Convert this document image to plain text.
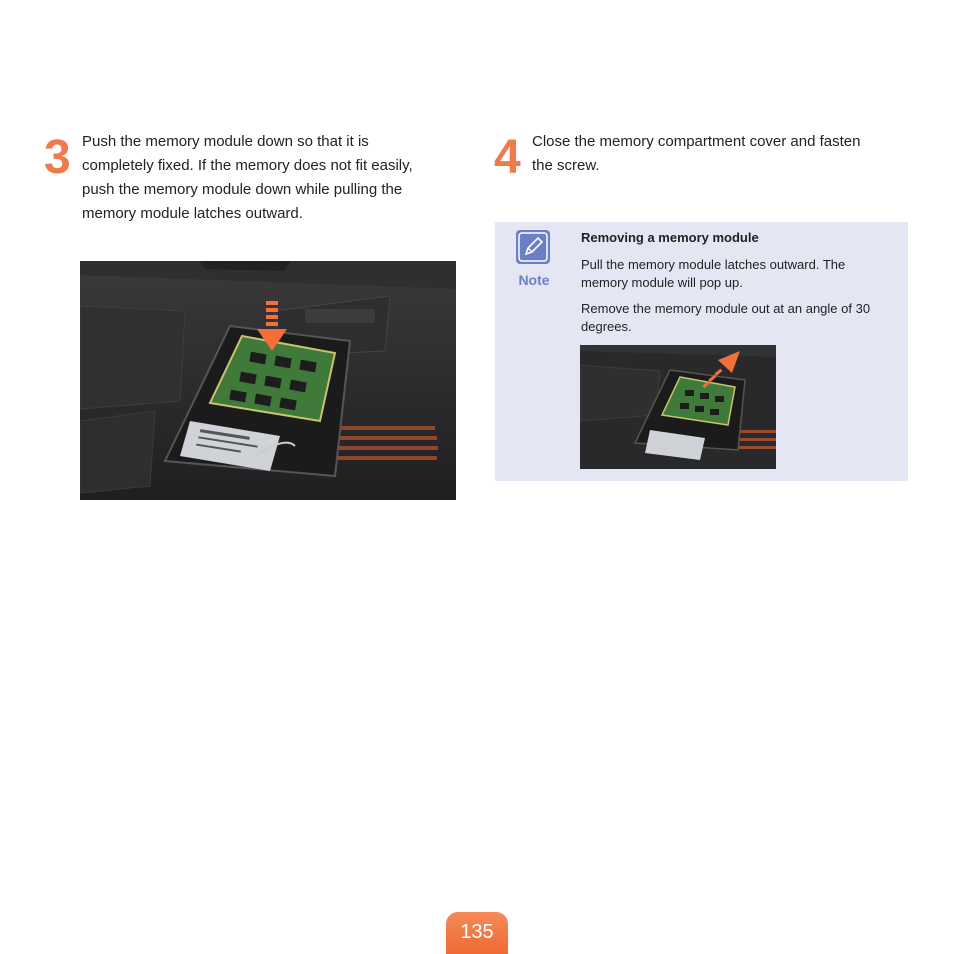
3 Push the memory module down so that it is
completely fixed. If the memory does not fit easily,
push the memory module down while pulling the
memory module latches outward.

4 Close the memory compartment cover and fasten
the screw.

Note
Removing a memory module

Pull the memory module latches outward. The
memory module will pop up.

Remove the memory module out at an angle of 30
degrees.

135
